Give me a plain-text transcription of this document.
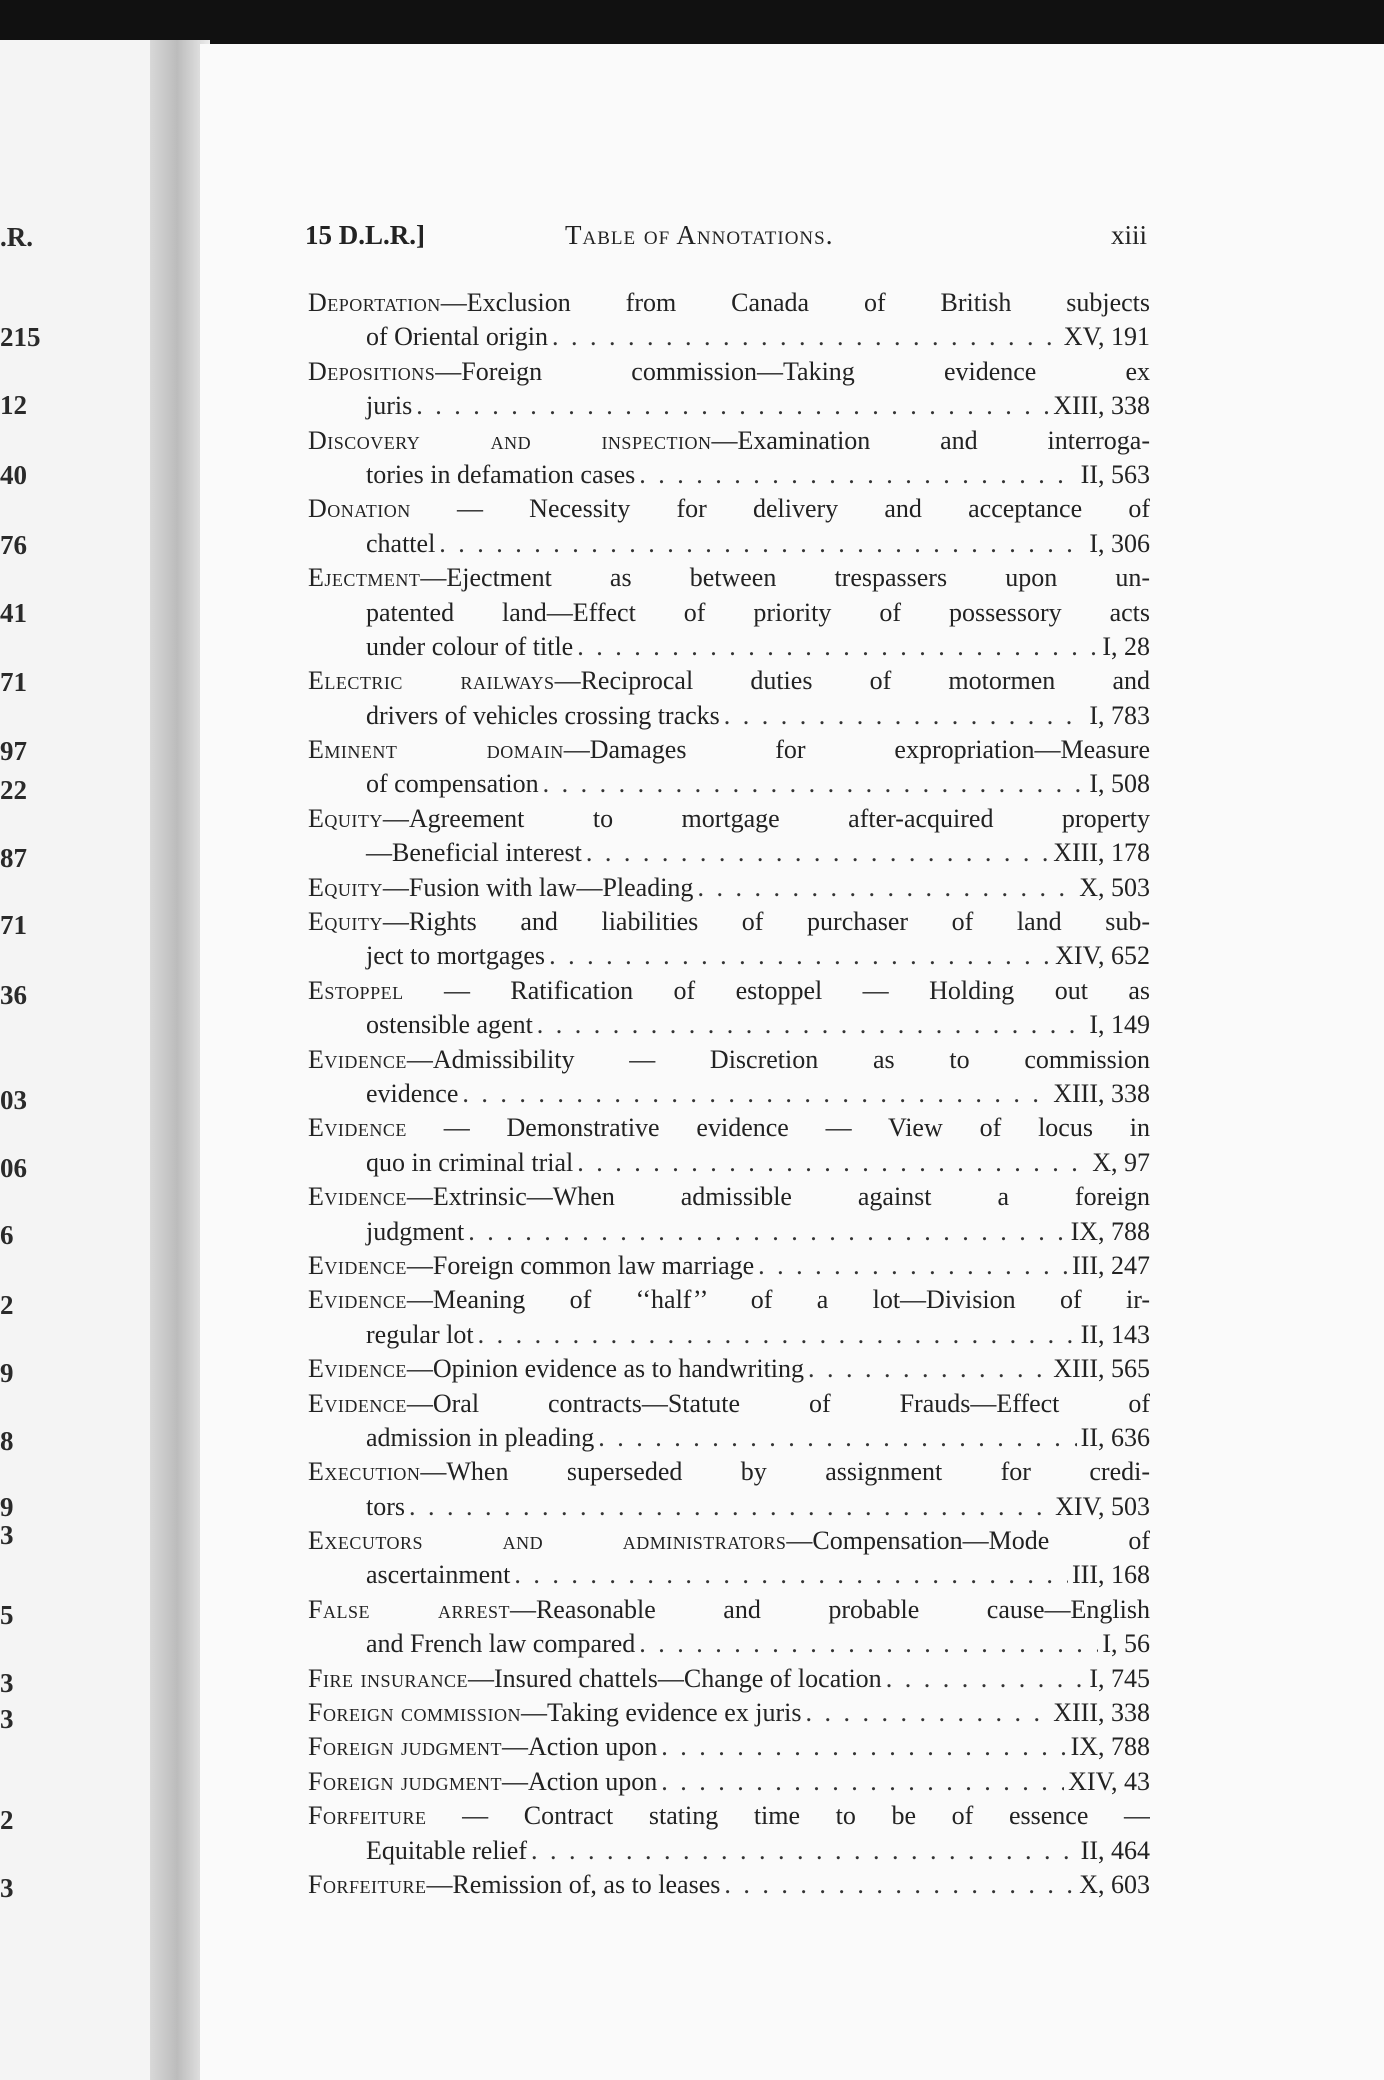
.R.
215
12
40
76
41
71
97
22
87
71
36
03
06
6
2
9
8
9
3
5
3
3
2
3
15 D.L.R.]	Table of Annotations.	xiii
Deportation—Exclusion from Canada of British subjects
of Oriental origin . . .	XV, 191
Depositions—Foreign commission—Taking evidence ex
juris . . .	XIII, 338
Discovery and inspection—Examination and interroga-
tories in defamation cases . . .	II, 563
Donation — Necessity for delivery and acceptance of
chattel . . .	I, 306
Ejectment—Ejectment as between trespassers upon un-
patented land—Effect of priority of possessory acts
under colour of title . . .	I, 28
Electric railways—Reciprocal duties of motormen and
drivers of vehicles crossing tracks . . .	I, 783
Eminent domain—Damages for expropriation—Measure
of compensation . . .	I, 508
Equity—Agreement to mortgage after-acquired property
—Beneficial interest . . .	XIII, 178
Equity—Fusion with law—Pleading . . .	X, 503
Equity—Rights and liabilities of purchaser of land sub-
ject to mortgages . . .	XIV, 652
Estoppel — Ratification of estoppel — Holding out as
ostensible agent . . .	I, 149
Evidence—Admissibility — Discretion as to commission
evidence . . .	XIII, 338
Evidence — Demonstrative evidence — View of locus in
quo in criminal trial . . .	X, 97
Evidence—Extrinsic—When admissible against a foreign
judgment . . .	IX, 788
Evidence—Foreign common law marriage . . .	III, 247
Evidence—Meaning of ‘‘half’’ of a lot—Division of ir-
regular lot . . .	II, 143
Evidence—Opinion evidence as to handwriting . . .	XIII, 565
Evidence—Oral contracts—Statute of Frauds—Effect of
admission in pleading . . .	II, 636
Execution—When superseded by assignment for credi-
tors . . .	XIV, 503
Executors and administrators—Compensation—Mode of
ascertainment . . .	III, 168
False arrest—Reasonable and probable cause—English
and French law compared . . .	I, 56
Fire insurance—Insured chattels—Change of location . . .	I, 745
Foreign commission—Taking evidence ex juris . . .	XIII, 338
Foreign judgment—Action upon . . .	IX, 788
Foreign judgment—Action upon . . .	XIV, 43
Forfeiture — Contract stating time to be of essence —
Equitable relief . . .	II, 464
Forfeiture—Remission of, as to leases . . .	X, 603
